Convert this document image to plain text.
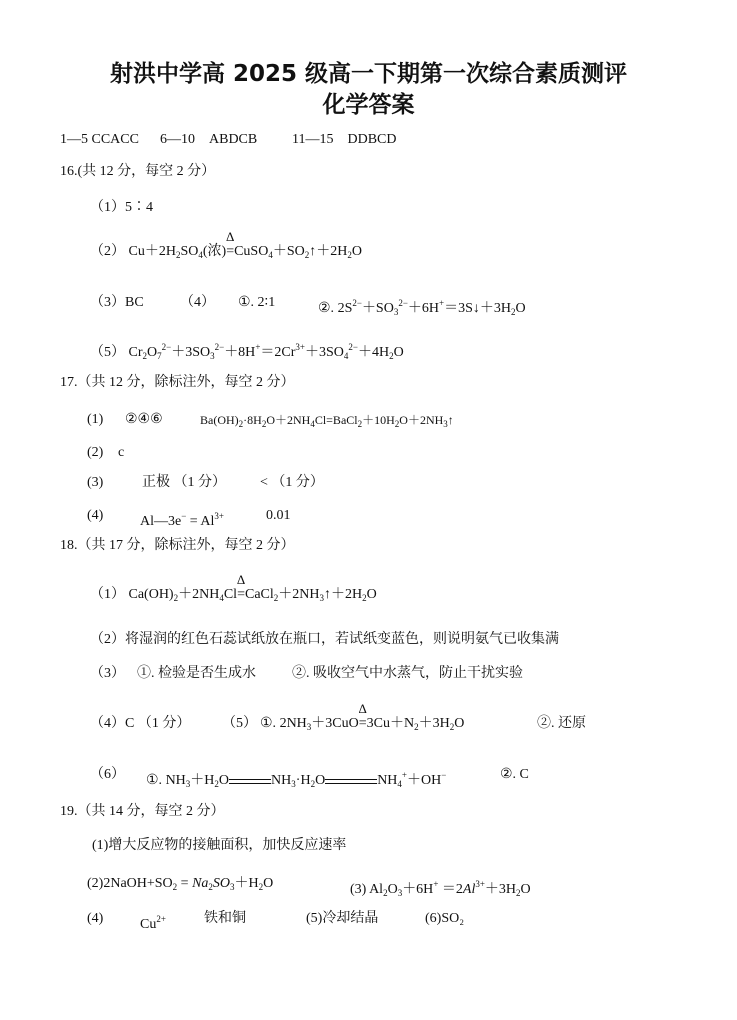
射洪中学高 2025 级高一下期第一次综合素质测评
化学答案
1—5 CCACC 6—10　ABDCB 11—15　DDBCD
16.(共 12 分，每空 2 分）
（1）5∶4
（2） $Cu+2H_2SO_4$(浓)$\Delta =CuSO_4+SO_2↑+2H_2O$
（3）BC	（4） ①. 2∶1	②. $2S^{2-}+SO_3^{2-}+6H^+=3S↓+3H_2O$
（5） $Cr_2O_7^{2-}+3SO_3^{2-}+8H^+=2Cr^{3+}+3SO_4^{2-}+4H_2O$
17.（共 12 分，除标注外，每空 2 分）
(1) ②④⑥	$Ba(OH)_2\cdot 8H_2O+2NH_4Cl=BaCl_2+10H_2O+2NH_3↑$
(2) c
(3)	正极 （1 分） < （1 分）
(4)	Al—3e− = $Al^{3+}$	0.01
18.（共 17 分，除标注外，每空 2 分）
（1） $Ca(OH)_2+2NH_4Cl\Delta$ $=CaCl_2+2NH_3↑+2H_2O$
（2）将湿润的红色石蕊试纸放在瓶口，若试纸变蓝色，则说明氨气已收集满
（3） ①. 检验是否生成水	②. 吸收空气中水蒸气，防止干扰实验
（4）C （1 分） （5） ①. $2NH_3+3CuO\Delta =3Cu+N_2+3H_2O$	②. 还原
（6） ①. $NH_3+H_2O$	$NH_3\cdot H_2O$	$NH_4^++OH^-$	②. C
19.（共 14 分，每空 2 分）
(1)增大反应物的接触面积，加快反应速率
$(2)2NaOH+SO_2 = Na_2SO_3+H_2O$	(3) $Al_2O_3+6H^+ =2Al^{3+}+3H_2O$
(4)	$Cu^{2+}$	铁和铜	(5)冷却结晶	(6)SO₂
